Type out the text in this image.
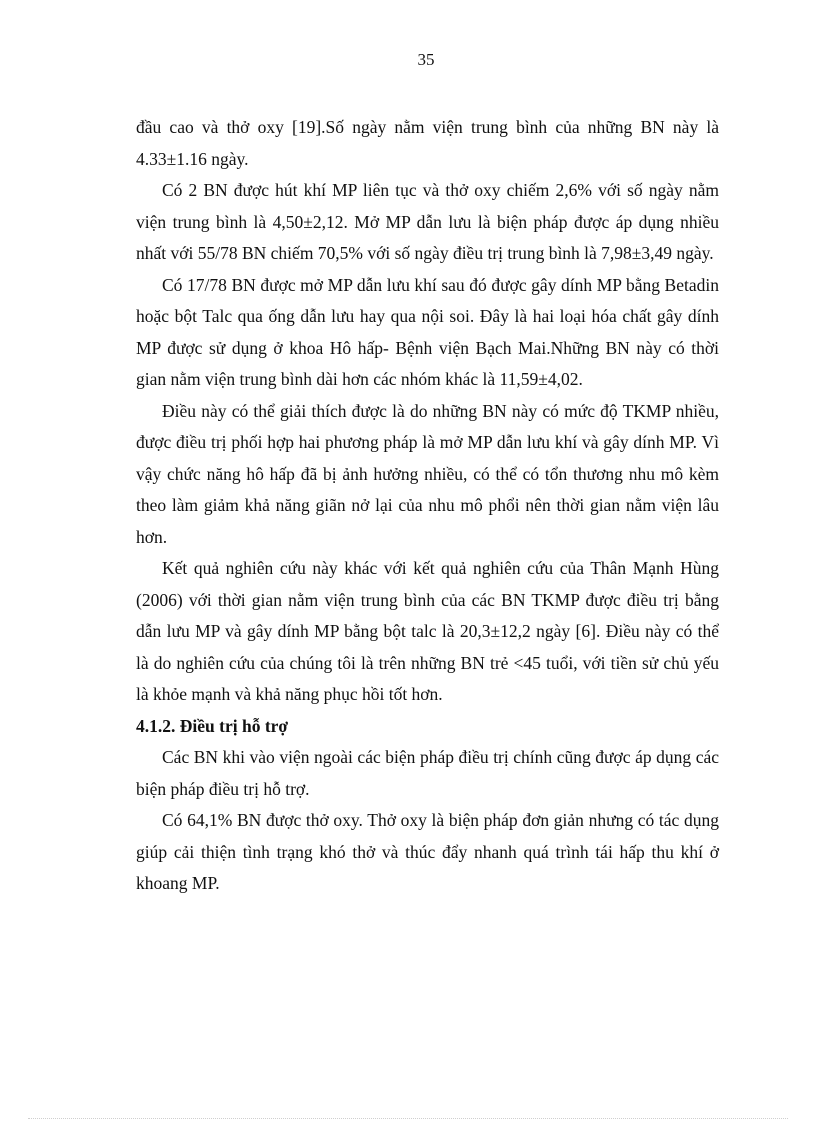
35

đầu cao và thở oxy [19].Số ngày nằm viện trung bình của những BN này là 4.33±1.16 ngày.

Có 2 BN được hút khí MP liên tục và thở oxy chiếm 2,6% với số ngày nằm viện trung bình là 4,50±2,12. Mở MP dẫn lưu là biện pháp được áp dụng nhiều nhất với 55/78 BN chiếm 70,5% với số ngày điều trị trung bình là 7,98±3,49 ngày.

Có 17/78 BN được mở MP dẫn lưu khí sau đó được gây dính MP bằng Betadin hoặc bột Talc qua ống dẫn lưu hay qua nội soi. Đây là hai loại hóa chất gây dính MP được sử dụng ở khoa Hô hấp- Bệnh viện Bạch Mai.Những BN này có thời gian nằm viện trung bình dài hơn các nhóm khác là 11,59±4,02.

Điều này có thể giải thích được là do những BN này có mức độ TKMP nhiều, được điều trị phối hợp hai phương pháp là mở MP dẫn lưu khí và gây dính MP. Vì vậy chức năng hô hấp đã bị ảnh hưởng nhiều, có thể có tổn thương nhu mô kèm theo làm giảm khả năng giãn nở lại của nhu mô phổi nên thời gian nằm viện lâu hơn.

Kết quả nghiên cứu này khác với kết quả nghiên cứu của Thân Mạnh Hùng (2006) với thời gian nằm viện trung bình của các BN TKMP được điều trị bằng dẫn lưu MP và gây dính MP bằng bột talc là 20,3±12,2 ngày [6]. Điều này có thể là do nghiên cứu của chúng tôi là trên những BN trẻ <45 tuổi, với tiền sử chủ yếu là khỏe mạnh và khả năng phục hồi tốt hơn.

4.1.2. Điều trị hỗ trợ

Các BN khi vào viện ngoài các biện pháp điều trị chính cũng được áp dụng các biện pháp điều trị hỗ trợ.

Có 64,1% BN được thở oxy. Thở oxy là biện pháp đơn giản nhưng có tác dụng giúp cải thiện tình trạng khó thở và thúc đẩy nhanh quá trình tái hấp thu khí ở khoang MP.
